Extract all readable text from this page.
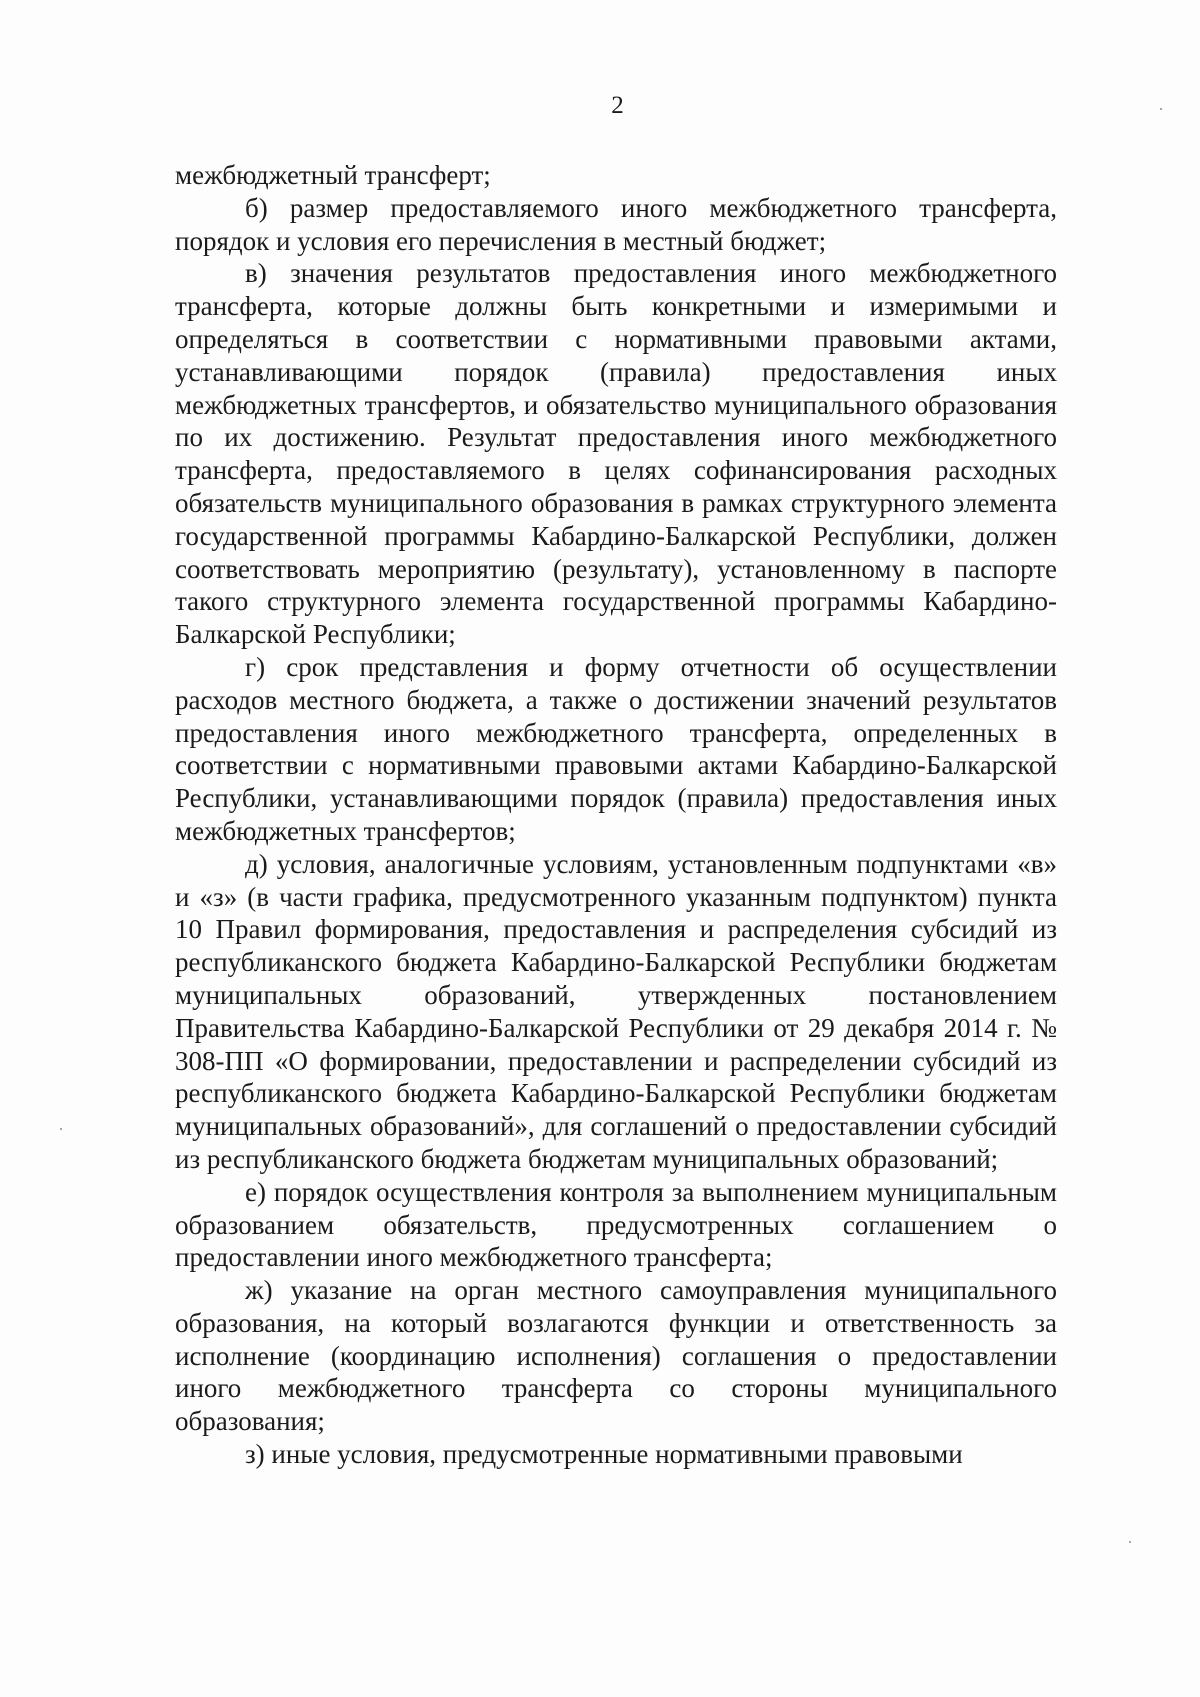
2

межбюджетный трансферт;

б) размер предоставляемого иного межбюджетного трансферта, порядок и условия его перечисления в местный бюджет;

в) значения результатов предоставления иного межбюджетного трансферта, которые должны быть конкретными и измеримыми и определяться в соответствии с нормативными правовыми актами, устанавливающими порядок (правила) предоставления иных межбюджетных трансфертов, и обязательство муниципального образования по их достижению. Результат предоставления иного межбюджетного трансферта, предоставляемого в целях софинансирования расходных обязательств муниципального образования в рамках структурного элемента государственной программы Кабардино-Балкарской Республики, должен соответствовать мероприятию (результату), установленному в паспорте такого структурного элемента государственной программы Кабардино-Балкарской Республики;

г) срок представления и форму отчетности об осуществлении расходов местного бюджета, а также о достижении значений результатов предоставления иного межбюджетного трансферта, определенных в соответствии с нормативными правовыми актами Кабардино-Балкарской Республики, устанавливающими порядок (правила) предоставления иных межбюджетных трансфертов;

д) условия, аналогичные условиям, установленным подпунктами «в» и «з» (в части графика, предусмотренного указанным подпунктом) пункта 10 Правил формирования, предоставления и распределения субсидий из республиканского бюджета Кабардино-Балкарской Республики бюджетам муниципальных образований, утвержденных постановлением Правительства Кабардино-Балкарской Республики от 29 декабря 2014 г. № 308-ПП «О формировании, предоставлении и распределении субсидий из республиканского бюджета Кабардино-Балкарской Республики бюджетам муниципальных образований», для соглашений о предоставлении субсидий из республиканского бюджета бюджетам муниципальных образований;

е) порядок осуществления контроля за выполнением муниципальным образованием обязательств, предусмотренных соглашением о предоставлении иного межбюджетного трансферта;

ж) указание на орган местного самоуправления муниципального образования, на который возлагаются функции и ответственность за исполнение (координацию исполнения) соглашения о предоставлении иного межбюджетного трансферта со стороны муниципального образования;

з) иные условия, предусмотренные нормативными правовыми
